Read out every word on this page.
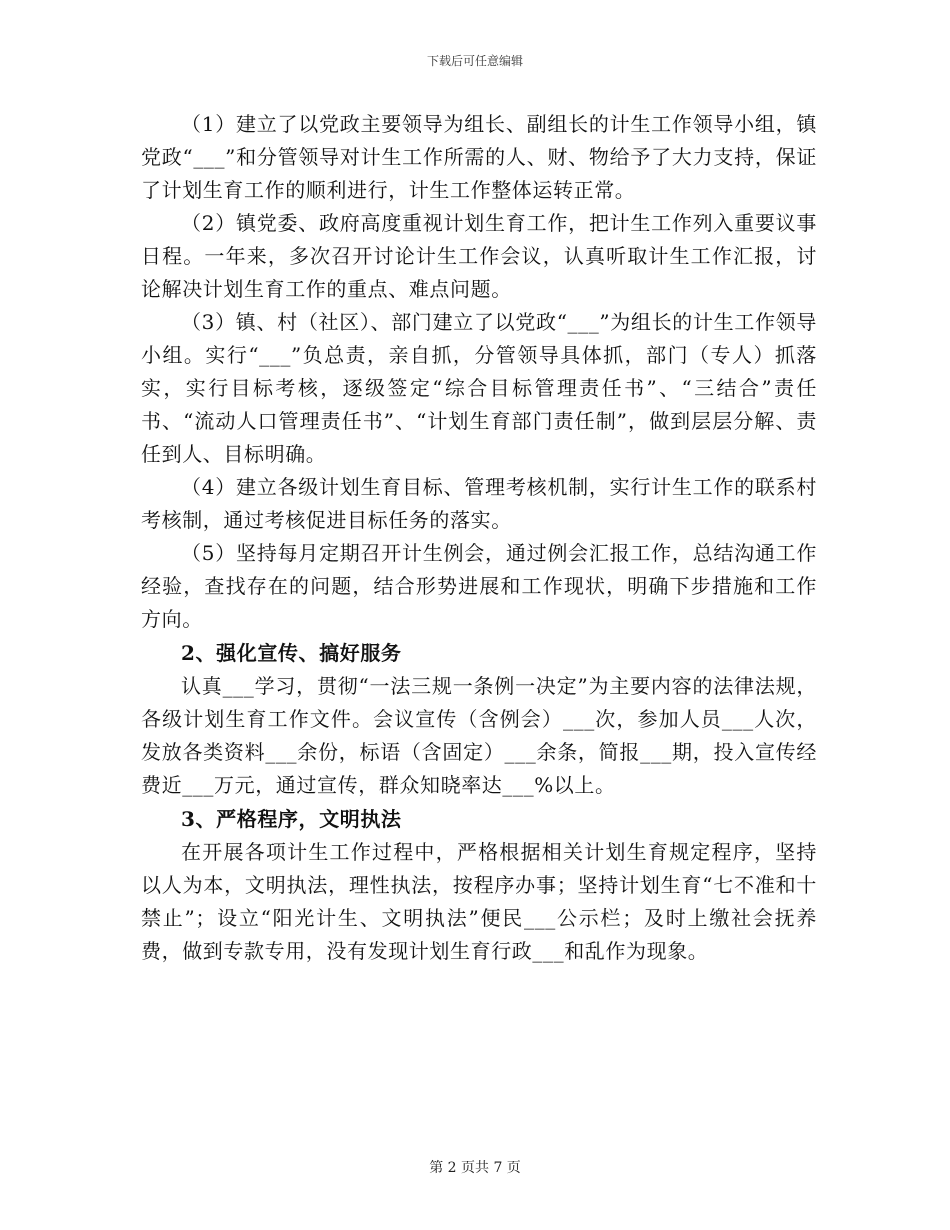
下载后可任意编辑

（1）建立了以党政主要领导为组长、副组长的计生工作领导小组，镇党政“___”和分管领导对计生工作所需的人、财、物给予了大力支持，保证了计划生育工作的顺利进行，计生工作整体运转正常。

（2）镇党委、政府高度重视计划生育工作，把计生工作列入重要议事日程。一年来，多次召开讨论计生工作会议，认真听取计生工作汇报，讨论解决计划生育工作的重点、难点问题。

（3）镇、村（社区）、部门建立了以党政“___”为组长的计生工作领导小组。实行“___”负总责，亲自抓，分管领导具体抓，部门（专人）抓落实，实行目标考核，逐级签定“综合目标管理责任书”、“三结合”责任书、“流动人口管理责任书”、“计划生育部门责任制”，做到层层分解、责任到人、目标明确。

（4）建立各级计划生育目标、管理考核机制，实行计生工作的联系村考核制，通过考核促进目标任务的落实。

（5）坚持每月定期召开计生例会，通过例会汇报工作，总结沟通工作经验，查找存在的问题，结合形势进展和工作现状，明确下步措施和工作方向。

2、强化宣传、搞好服务

认真___学习，贯彻“一法三规一条例一决定”为主要内容的法律法规，各级计划生育工作文件。会议宣传（含例会）___次，参加人员___人次，发放各类资料___余份，标语（含固定）___余条，简报___期，投入宣传经费近___万元，通过宣传，群众知晓率达___%以上。

3、严格程序，文明执法

在开展各项计生工作过程中，严格根据相关计划生育规定程序，坚持以人为本，文明执法，理性执法，按程序办事；坚持计划生育“七不准和十禁止”；设立“阳光计生、文明执法”便民___公示栏；及时上缴社会抚养费，做到专款专用，没有发现计划生育行政___和乱作为现象。

第 2 页共 7 页
